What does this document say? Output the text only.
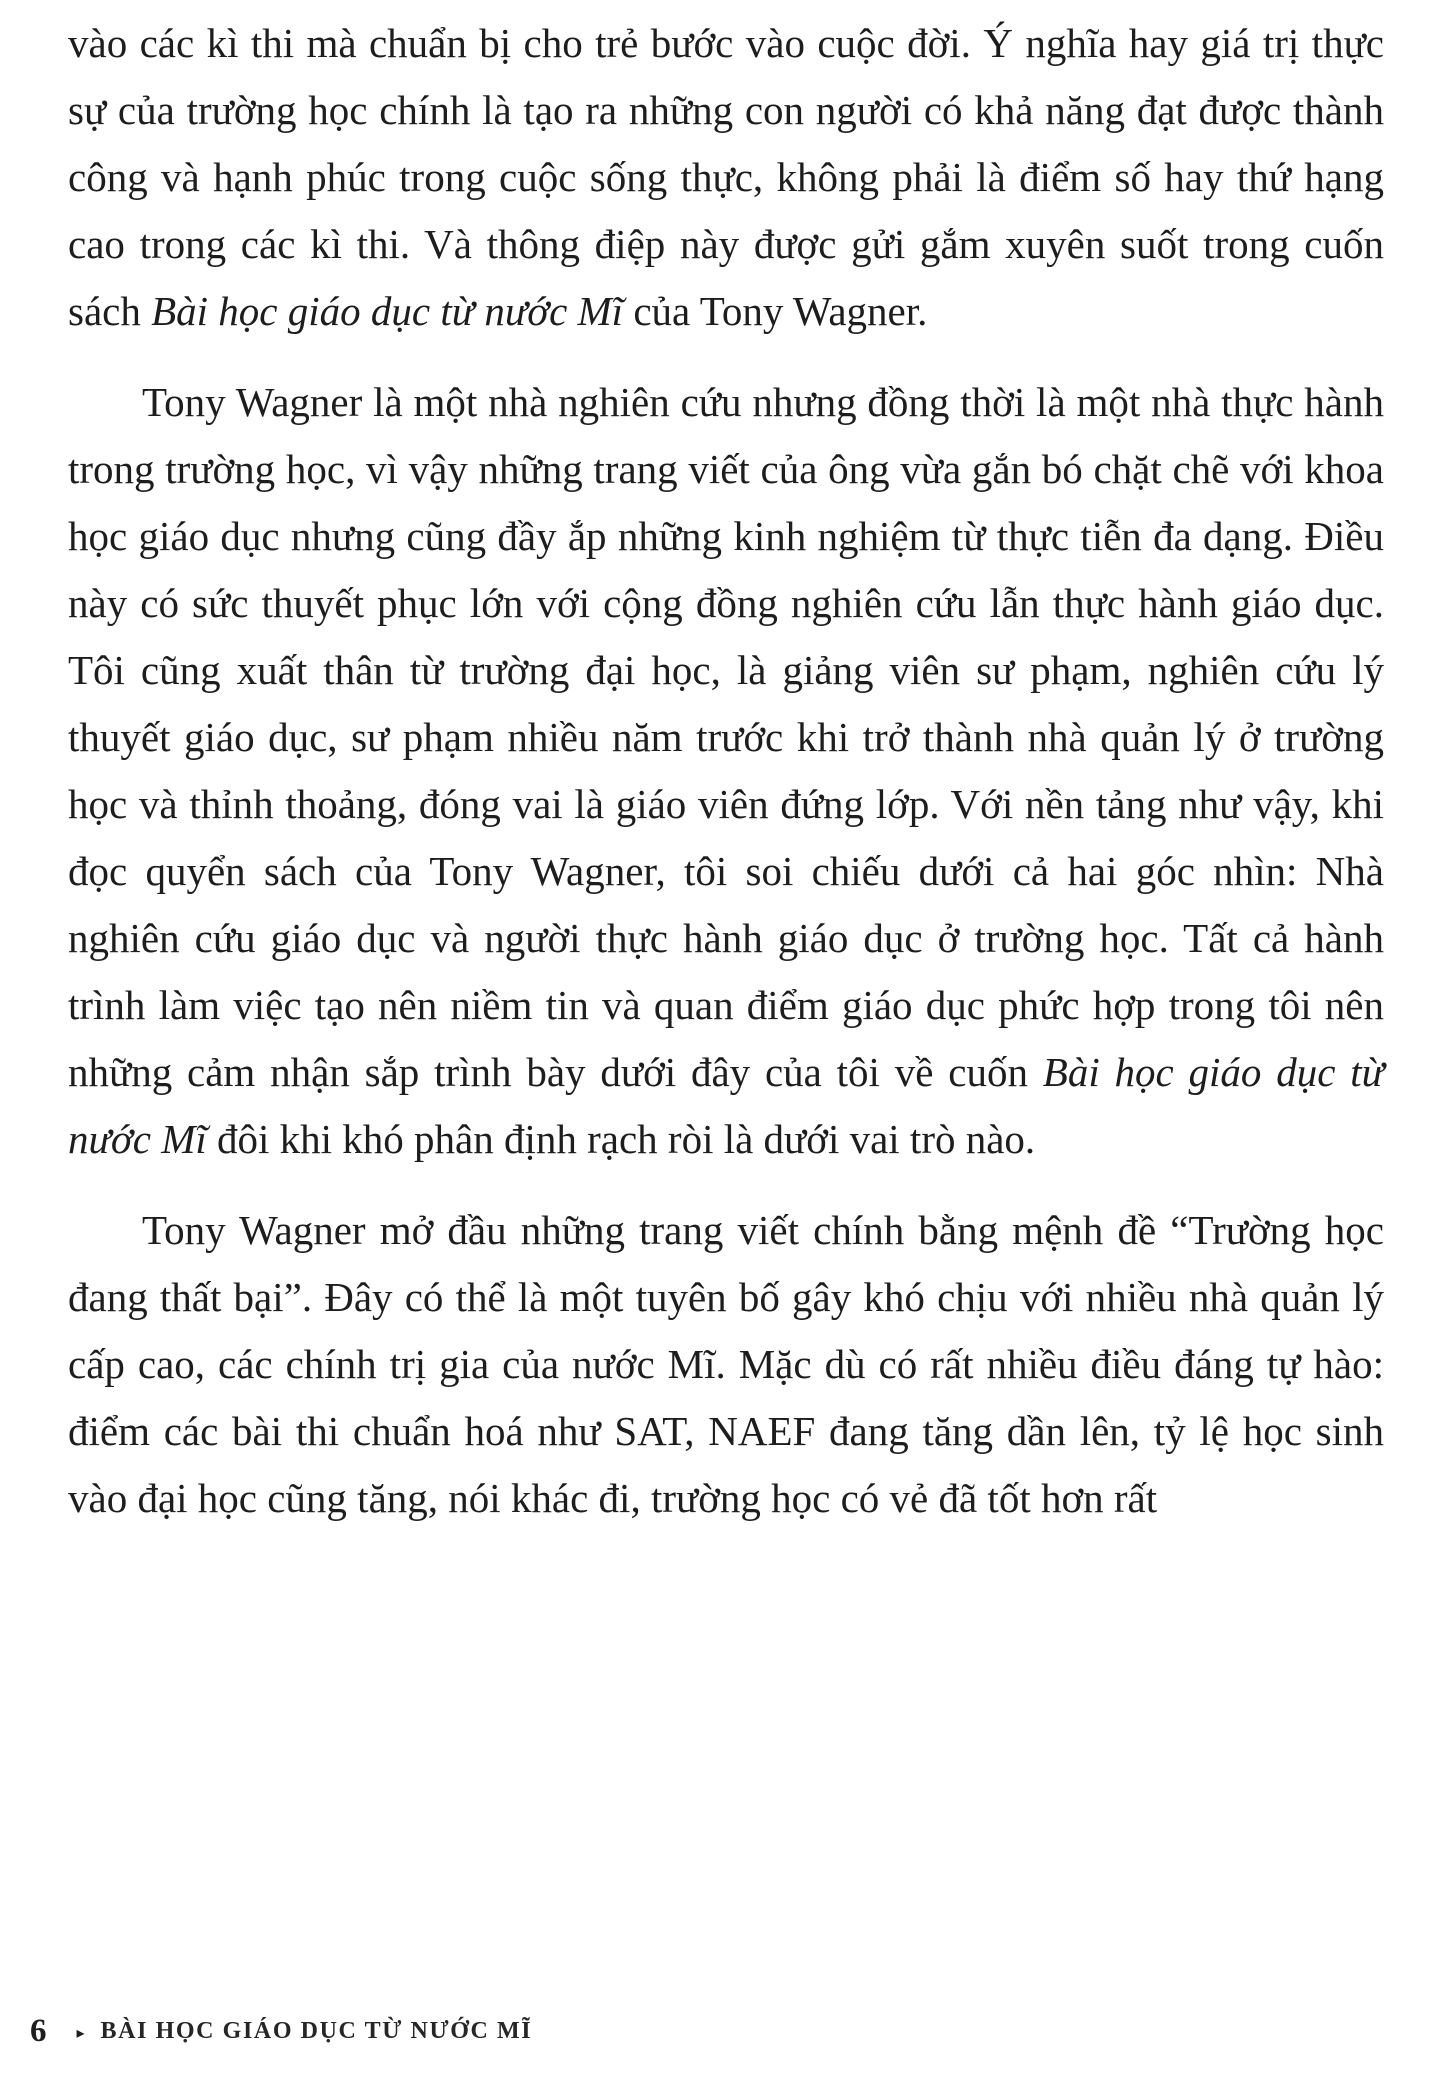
vào các kì thi mà chuẩn bị cho trẻ bước vào cuộc đời. Ý nghĩa hay giá trị thực sự của trường học chính là tạo ra những con người có khả năng đạt được thành công và hạnh phúc trong cuộc sống thực, không phải là điểm số hay thứ hạng cao trong các kì thi. Và thông điệp này được gửi gắm xuyên suốt trong cuốn sách Bài học giáo dục từ nước Mĩ của Tony Wagner.

Tony Wagner là một nhà nghiên cứu nhưng đồng thời là một nhà thực hành trong trường học, vì vậy những trang viết của ông vừa gắn bó chặt chẽ với khoa học giáo dục nhưng cũng đầy ắp những kinh nghiệm từ thực tiễn đa dạng. Điều này có sức thuyết phục lớn với cộng đồng nghiên cứu lẫn thực hành giáo dục. Tôi cũng xuất thân từ trường đại học, là giảng viên sư phạm, nghiên cứu lý thuyết giáo dục, sư phạm nhiều năm trước khi trở thành nhà quản lý ở trường học và thỉnh thoảng, đóng vai là giáo viên đứng lớp. Với nền tảng như vậy, khi đọc quyển sách của Tony Wagner, tôi soi chiếu dưới cả hai góc nhìn: Nhà nghiên cứu giáo dục và người thực hành giáo dục ở trường học. Tất cả hành trình làm việc tạo nên niềm tin và quan điểm giáo dục phức hợp trong tôi nên những cảm nhận sắp trình bày dưới đây của tôi về cuốn Bài học giáo dục từ nước Mĩ đôi khi khó phân định rạch ròi là dưới vai trò nào.

Tony Wagner mở đầu những trang viết chính bằng mệnh đề “Trường học đang thất bại”. Đây có thể là một tuyên bố gây khó chịu với nhiều nhà quản lý cấp cao, các chính trị gia của nước Mĩ. Mặc dù có rất nhiều điều đáng tự hào: điểm các bài thi chuẩn hoá như SAT, NAEF đang tăng dần lên, tỷ lệ học sinh vào đại học cũng tăng, nói khác đi, trường học có vẻ đã tốt hơn rất

6 ▸ BÀI HỌC GIÁO DỤC TỪ NƯỚC MĨ
